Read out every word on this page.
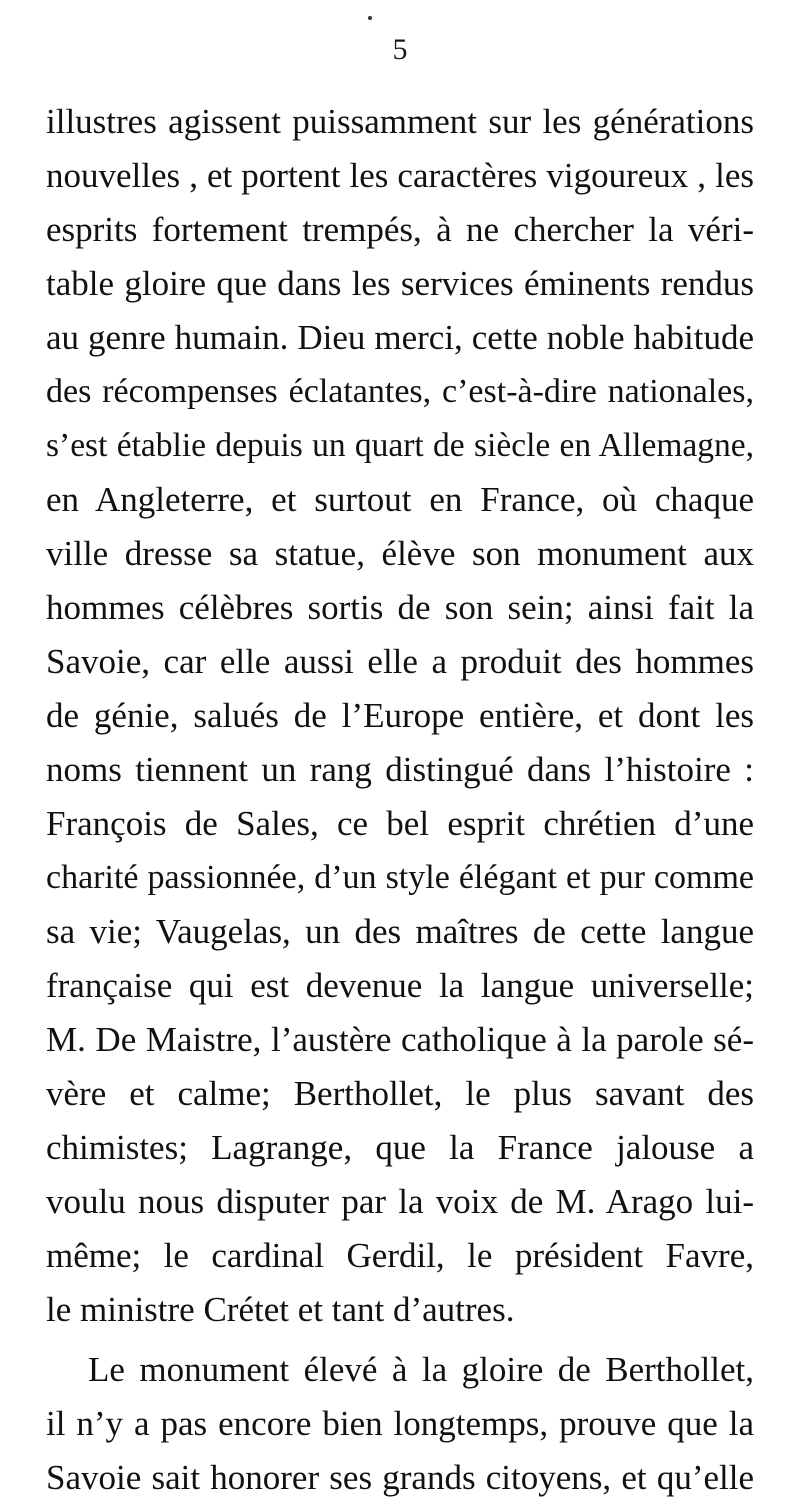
5
illustres agissent puissamment sur les générations
nouvelles , et portent les caractères vigoureux , les
esprits fortement trempés, à ne chercher la véri-
table gloire que dans les services éminents rendus
au genre humain. Dieu merci, cette noble habitude
des récompenses éclatantes, c’est-à-dire nationales,
s’est établie depuis un quart de siècle en Allemagne,
en Angleterre, et surtout en France, où chaque
ville dresse sa statue, élève son monument aux
hommes célèbres sortis de son sein; ainsi fait la
Savoie, car elle aussi elle a produit des hommes
de génie, salués de l’Europe entière, et dont les
noms tiennent un rang distingué dans l’histoire :
François de Sales, ce bel esprit chrétien d’une
charité passionnée, d’un style élégant et pur comme
sa vie; Vaugelas, un des maîtres de cette langue
française qui est devenue la langue universelle;
M. De Maistre, l’austère catholique à la parole sé-
vère et calme; Berthollet, le plus savant des
chimistes; Lagrange, que la France jalouse a
voulu nous disputer par la voix de M. Arago lui-
même; le cardinal Gerdil, le président Favre,
le ministre Crétet et tant d’autres.
Le monument élevé à la gloire de Berthollet,
il n’y a pas encore bien longtemps, prouve que la
Savoie sait honorer ses grands citoyens, et qu’elle
